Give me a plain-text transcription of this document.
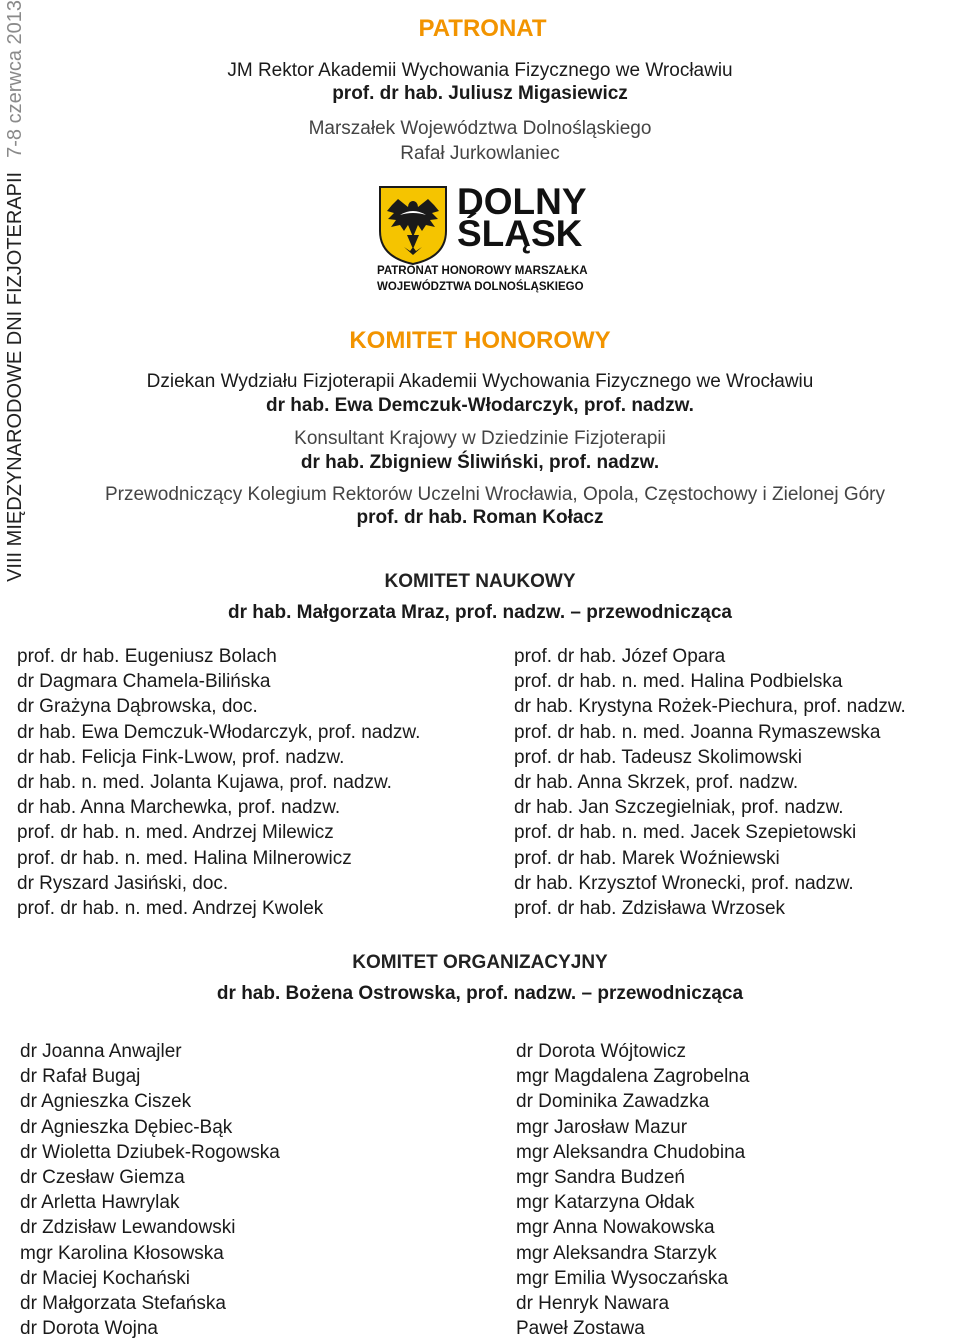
VIII MIĘDZYNARODOWE DNI FIZJOTERAPII7-8 czerwca 2013	PATRONAT
JM Rektor Akademii Wychowania Fizycznego we Wrocławiu
prof. dr hab. Juliusz Migasiewicz
Marszałek Województwa Dolnośląskiego
Rafał Jurkowlaniec
DOLNY
ŚLĄSK
PATRONAT HONOROWY MARSZAŁKA
WOJEWÓDZTWA DOLNOŚLĄSKIEGO
KOMITET HONOROWY
Dziekan Wydziału Fizjoterapii Akademii Wychowania Fizycznego we Wrocławiu
dr hab. Ewa Demczuk-Włodarczyk, prof. nadzw.
Konsultant Krajowy w Dziedzinie Fizjoterapii
dr hab. Zbigniew Śliwiński, prof. nadzw.
Przewodniczący Kolegium Rektorów Uczelni Wrocławia, Opola, Częstochowy i Zielonej Góry
prof. dr hab. Roman Kołacz
KOMITET NAUKOWY
dr hab. Małgorzata Mraz, prof. nadzw. – przewodnicząca
prof. dr hab. Eugeniusz Bolach
dr Dagmara Chamela-Bilińska
dr Grażyna Dąbrowska, doc.
dr hab. Ewa Demczuk-Włodarczyk, prof. nadzw.
dr hab. Felicja Fink-Lwow, prof. nadzw.
dr hab. n. med. Jolanta Kujawa, prof. nadzw.
dr hab. Anna Marchewka, prof. nadzw.
prof. dr hab. n. med. Andrzej Milewicz
prof. dr hab. n. med. Halina Milnerowicz
dr Ryszard Jasiński, doc.
prof. dr hab. n. med. Andrzej Kwolek
prof. dr hab. Józef Opara
prof. dr hab. n. med. Halina Podbielska
dr hab. Krystyna Rożek-Piechura, prof. nadzw.
prof. dr hab. n. med. Joanna Rymaszewska
prof. dr hab. Tadeusz Skolimowski
dr hab. Anna Skrzek, prof. nadzw.
dr hab. Jan Szczegielniak, prof. nadzw.
prof. dr hab. n. med. Jacek Szepietowski
prof. dr hab. Marek Woźniewski
dr hab. Krzysztof Wronecki, prof. nadzw.
prof. dr hab. Zdzisława Wrzosek
KOMITET ORGANIZACYJNY
dr hab. Bożena Ostrowska, prof. nadzw. – przewodnicząca
dr Joanna Anwajler
dr Rafał Bugaj
dr Agnieszka Ciszek
dr Agnieszka Dębiec-Bąk
dr Wioletta Dziubek-Rogowska
dr Czesław Giemza
dr Arletta Hawrylak
dr Zdzisław Lewandowski
mgr Karolina Kłosowska
dr Maciej Kochański
dr Małgorzata Stefańska
dr Dorota Wojna
dr Dorota Wójtowicz
mgr Magdalena Zagrobelna
dr Dominika Zawadzka
mgr Jarosław Mazur
mgr Aleksandra Chudobina
mgr Sandra Budzeń
mgr Katarzyna Ołdak
mgr Anna Nowakowska
mgr Aleksandra Starzyk
mgr Emilia Wysoczańska
dr Henryk Nawara
Paweł Zostawa
